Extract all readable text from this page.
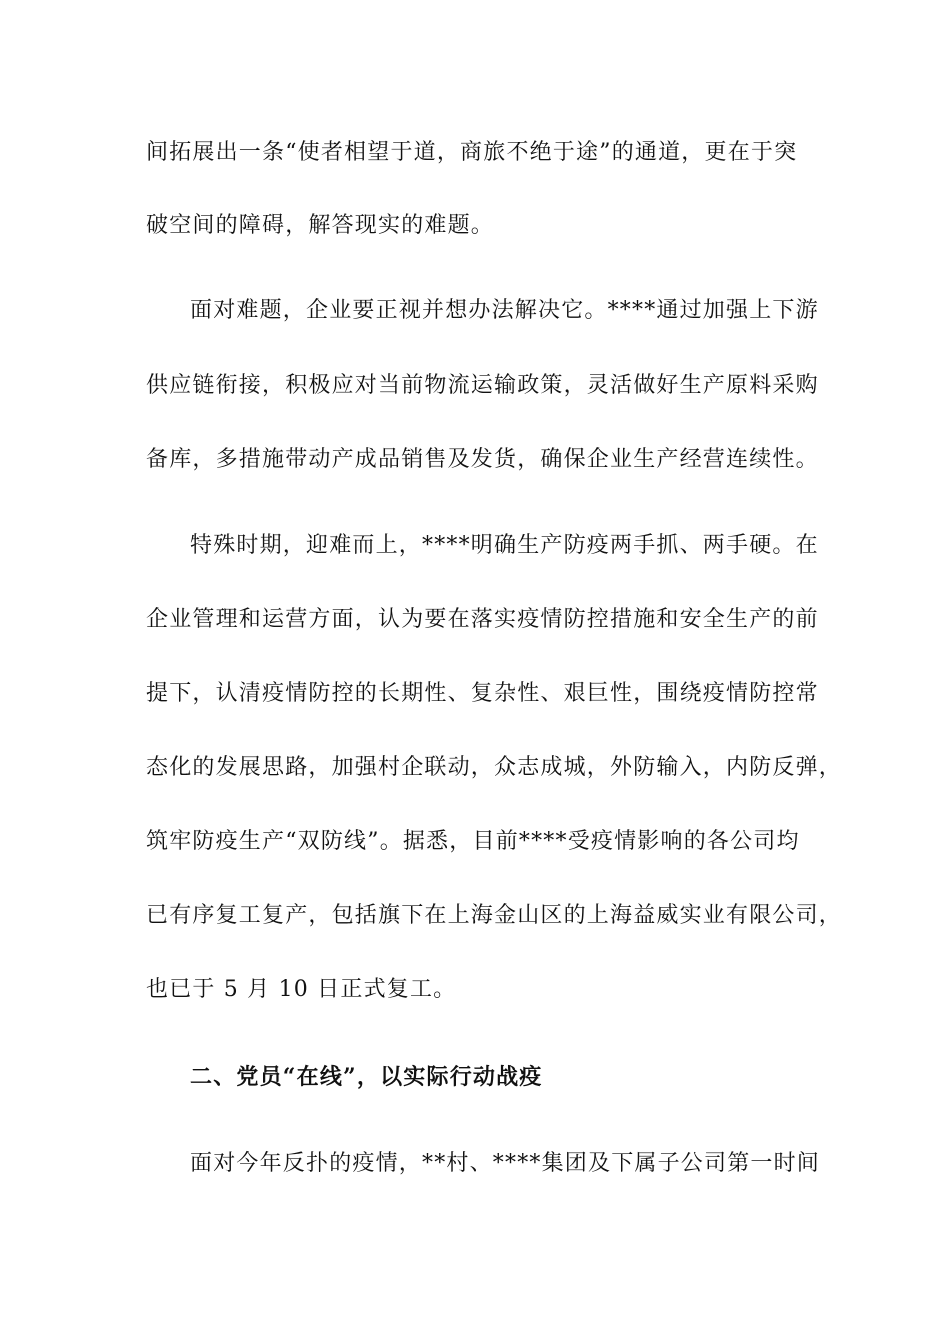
间拓展出一条“使者相望于道，商旅不绝于途”的通道，更在于突
破空间的障碍，解答现实的难题。
面对难题，企业要正视并想办法解决它。****通过加强上下游
供应链衔接，积极应对当前物流运输政策，灵活做好生产原料采购
备库，多措施带动产成品销售及发货，确保企业生产经营连续性。
特殊时期，迎难而上，****明确生产防疫两手抓、两手硬。在
企业管理和运营方面，认为要在落实疫情防控措施和安全生产的前
提下，认清疫情防控的长期性、复杂性、艰巨性，围绕疫情防控常
态化的发展思路，加强村企联动，众志成城，外防输入，内防反弹，
筑牢防疫生产“双防线”。据悉，目前****受疫情影响的各公司均
已有序复工复产，包括旗下在上海金山区的上海益威实业有限公司，
也已于 5 月 10 日正式复工。
二、党员“在线”，以实际行动战疫
面对今年反扑的疫情，**村、****集团及下属子公司第一时间
